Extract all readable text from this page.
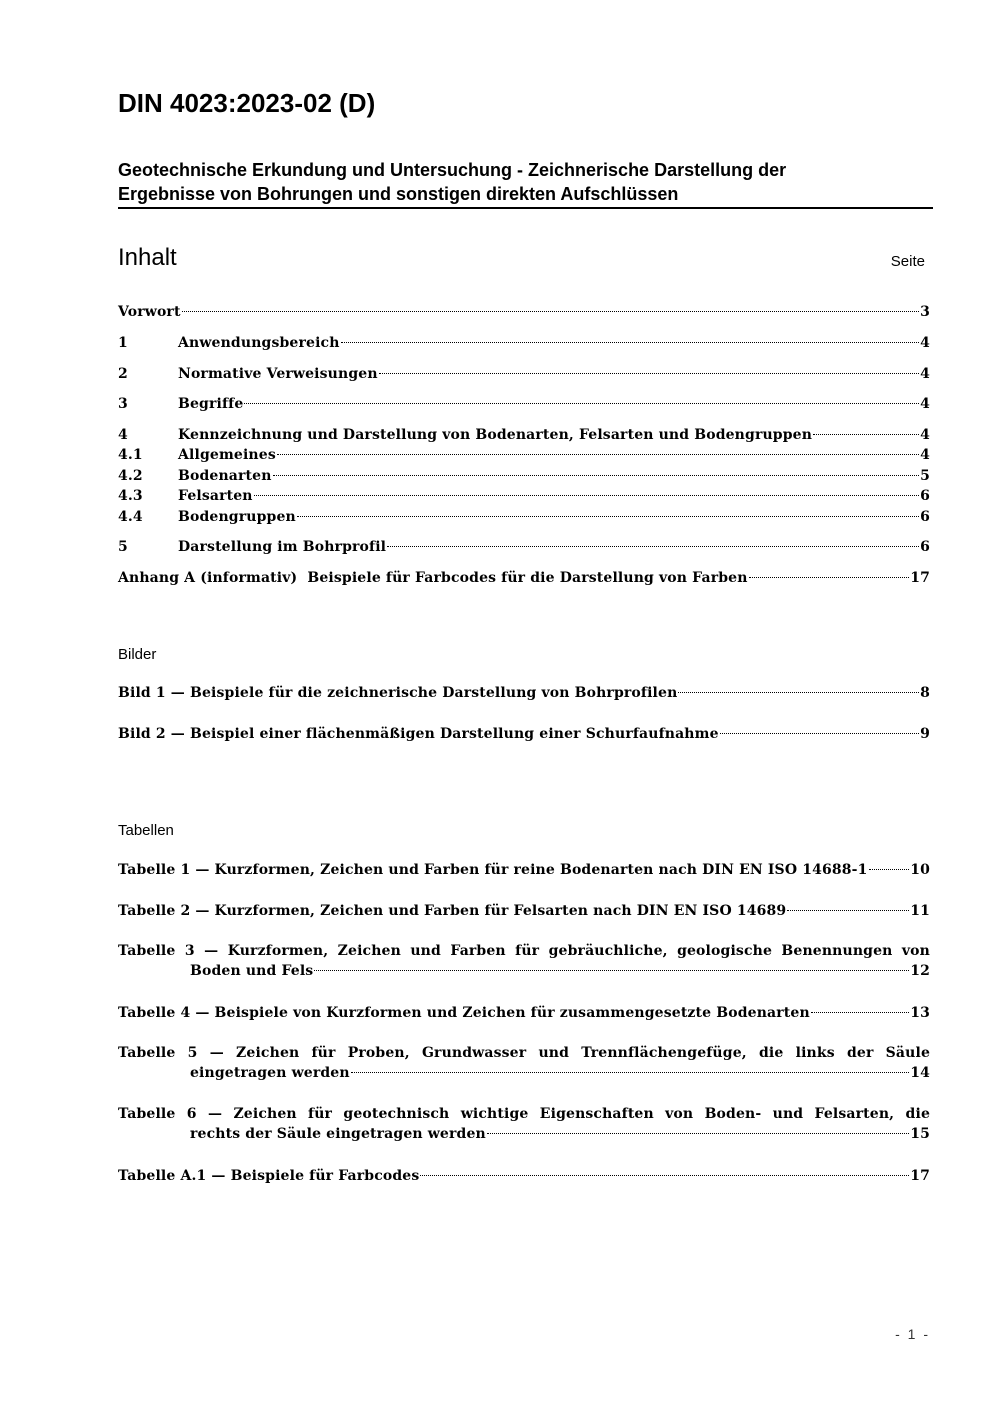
DIN 4023:2023-02 (D)
Geotechnische Erkundung und Untersuchung - Zeichnerische Darstellung der
Ergebnisse von Bohrungen und sonstigen direkten Aufschlüssen
Inhalt	Seite
Vorwort	3
1	Anwendungsbereich	4
2	Normative Verweisungen	4
3	Begriffe	4
4	Kennzeichnung und Darstellung von Bodenarten, Felsarten und Bodengruppen	4
4.1	Allgemeines	4
4.2	Bodenarten	5
4.3	Felsarten	6
4.4	Bodengruppen	6
5	Darstellung im Bohrprofil	6
Anhang A (informativ)  Beispiele für Farbcodes für die Darstellung von Farben	17
Bilder
Bild 1 — Beispiele für die zeichnerische Darstellung von Bohrprofilen	8
Bild 2 — Beispiel einer flächenmäßigen Darstellung einer Schurfaufnahme	9
Tabellen
Tabelle 1 — Kurzformen, Zeichen und Farben für reine Bodenarten nach DIN EN ISO 14688-1	10
Tabelle 2 — Kurzformen, Zeichen und Farben für Felsarten nach DIN EN ISO 14689	11
Tabelle 3 — Kurzformen, Zeichen und Farben für gebräuchliche, geologische Benennungen von
Boden und Fels	12
Tabelle 4 — Beispiele von Kurzformen und Zeichen für zusammengesetzte Bodenarten	13
Tabelle 5 — Zeichen für Proben, Grundwasser und Trennflächengefüge, die links der Säule
eingetragen werden	14
Tabelle 6 — Zeichen für geotechnisch wichtige Eigenschaften von Boden- und Felsarten, die
rechts der Säule eingetragen werden	15
Tabelle A.1 — Beispiele für Farbcodes	17
- 1 -
